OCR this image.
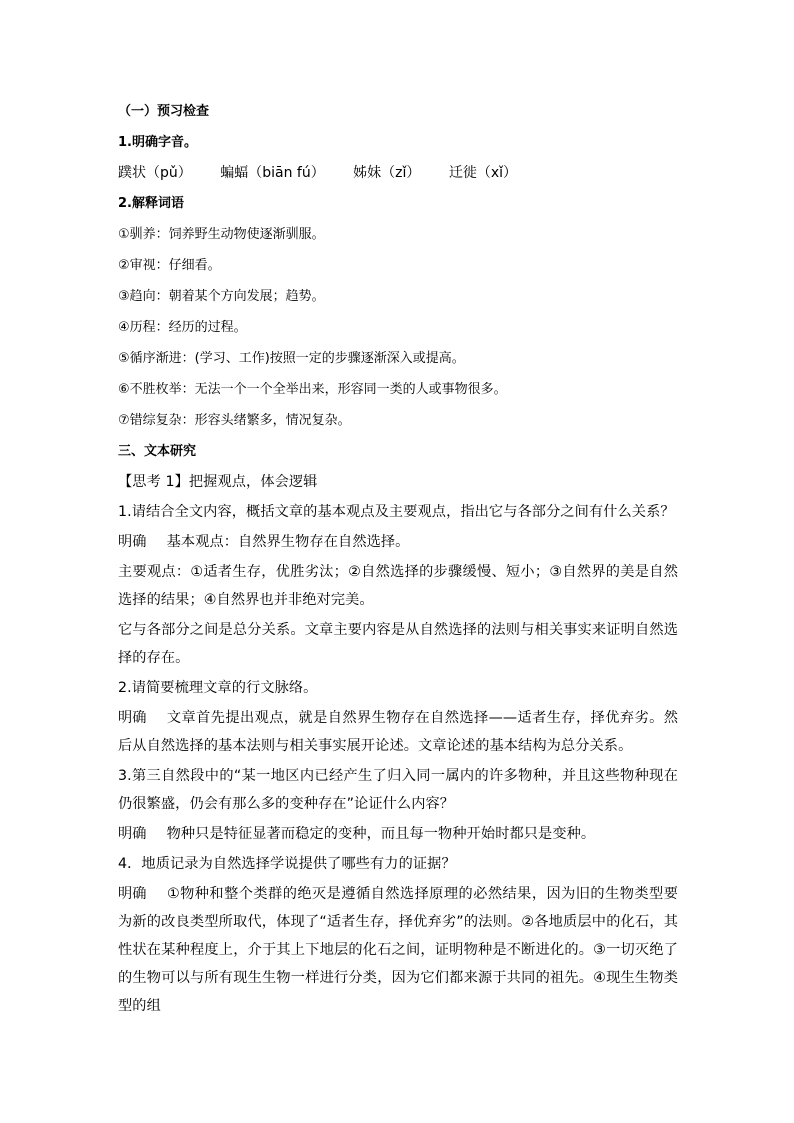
（一）预习检查
1.明确字音。
蹼状（pǔ） 蝙蝠（biān fú） 姊妹（zǐ） 迁徙（xǐ）
2.解释词语
①驯养：饲养野生动物使逐渐驯服。
②审视：仔细看。
③趋向：朝着某个方向发展；趋势。
④历程：经历的过程。
⑤循序渐进：(学习、工作)按照一定的步骤逐渐深入或提高。
⑥不胜枚举：无法一个一个全举出来，形容同一类的人或事物很多。
⑦错综复杂：形容头绪繁多，情况复杂。
三、文本研究
【思考 1】把握观点，体会逻辑
1.请结合全文内容，概括文章的基本观点及主要观点，指出它与各部分之间有什么关系？
明确 基本观点：自然界生物存在自然选择。
主要观点：①适者生存，优胜劣汰；②自然选择的步骤缓慢、短小；③自然界的美是自然选择的结果；④自然界也并非绝对完美。
它与各部分之间是总分关系。文章主要内容是从自然选择的法则与相关事实来证明自然选择的存在。
2.请简要梳理文章的行文脉络。
明确 文章首先提出观点，就是自然界生物存在自然选择——适者生存，择优弃劣。然后从自然选择的基本法则与相关事实展开论述。文章论述的基本结构为总分关系。
3.第三自然段中的“某一地区内已经产生了归入同一属内的许多物种，并且这些物种现在仍很繁盛，仍会有那么多的变种存在”论证什么内容？
明确 物种只是特征显著而稳定的变种，而且每一物种开始时都只是变种。
4．地质记录为自然选择学说提供了哪些有力的证据？
明确 ①物种和整个类群的绝灭是遵循自然选择原理的必然结果，因为旧的生物类型要为新的改良类型所取代，体现了“适者生存，择优弃劣”的法则。②各地质层中的化石，其性状在某种程度上，介于其上下地层的化石之间，证明物种是不断进化的。③一切灭绝了的生物可以与所有现生生物一样进行分类，因为它们都来源于共同的祖先。④现生生物类型的组
